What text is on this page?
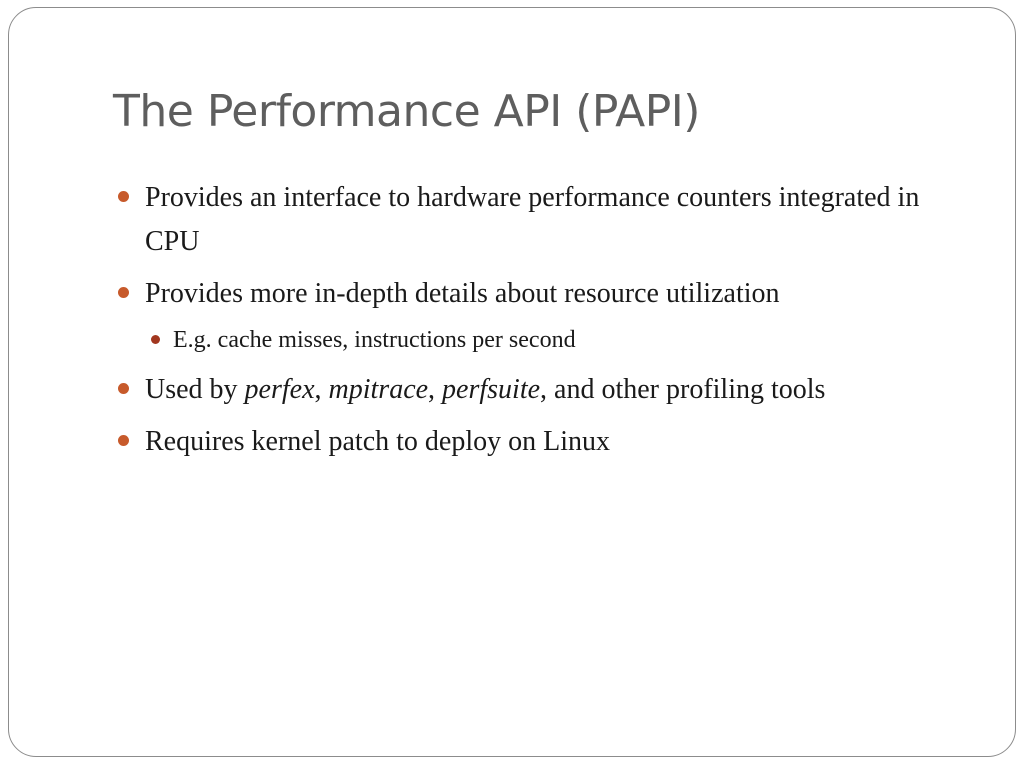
The Performance API (PAPI)
Provides an interface to hardware performance counters integrated in CPU
Provides more in-depth details about resource utilization
E.g. cache misses, instructions per second
Used by perfex, mpitrace, perfsuite, and other profiling tools
Requires kernel patch to deploy on Linux
